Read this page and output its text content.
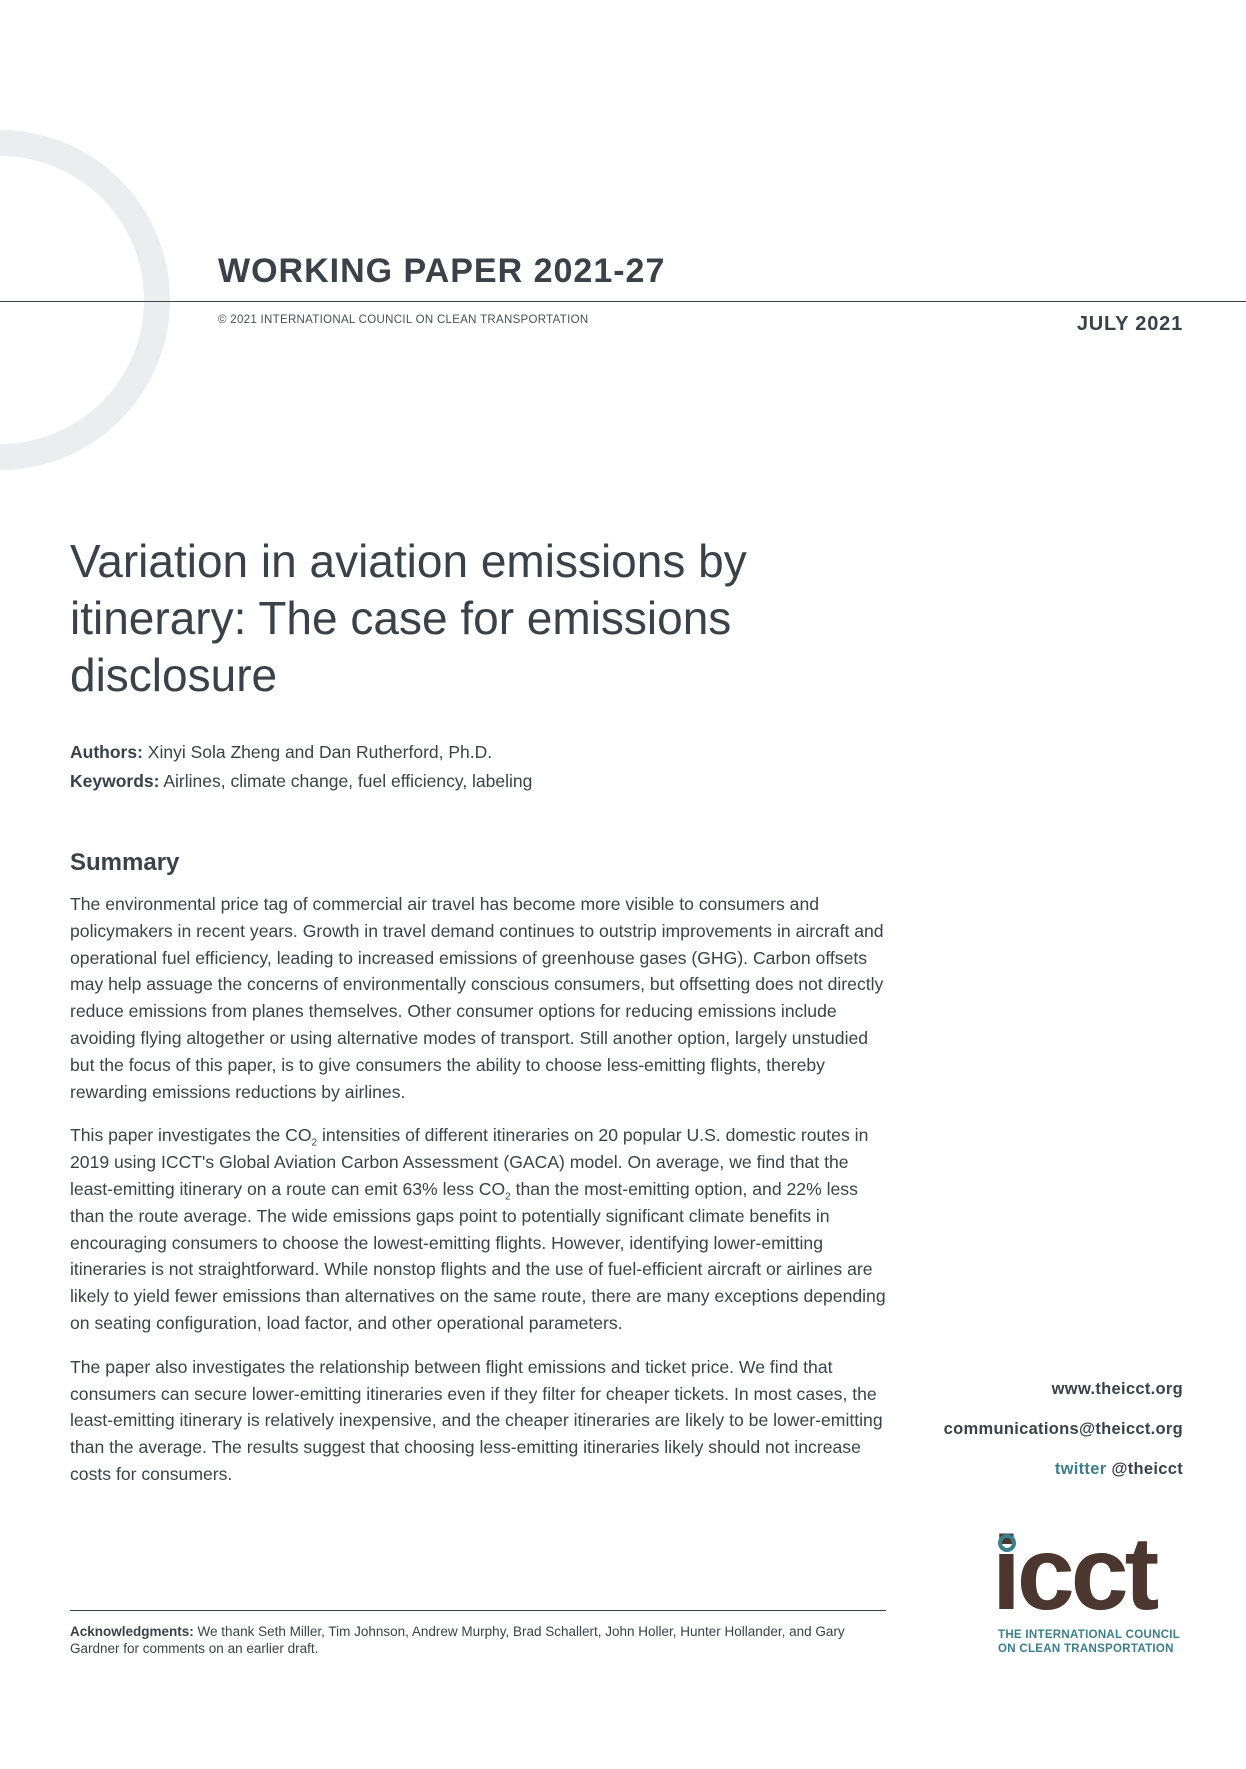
WORKING PAPER 2021-27
© 2021 INTERNATIONAL COUNCIL ON CLEAN TRANSPORTATION	JULY 2021
Variation in aviation emissions by itinerary: The case for emissions disclosure
Authors: Xinyi Sola Zheng and Dan Rutherford, Ph.D.
Keywords: Airlines, climate change, fuel efficiency, labeling
Summary

The environmental price tag of commercial air travel has become more visible to consumers and policymakers in recent years. Growth in travel demand continues to outstrip improvements in aircraft and operational fuel efficiency, leading to increased emissions of greenhouse gases (GHG). Carbon offsets may help assuage the concerns of environmentally conscious consumers, but offsetting does not directly reduce emissions from planes themselves. Other consumer options for reducing emissions include avoiding flying altogether or using alternative modes of transport. Still another option, largely unstudied but the focus of this paper, is to give consumers the ability to choose less-emitting flights, thereby rewarding emissions reductions by airlines.

This paper investigates the $CO_2$ intensities of different itineraries on 20 popular U.S. domestic routes in 2019 using ICCT's Global Aviation Carbon Assessment (GACA) model. On average, we find that the least-emitting itinerary on a route can emit 63% less $CO_2$ than the most-emitting option, and 22% less than the route average. The wide emissions gaps point to potentially significant climate benefits in encouraging consumers to choose the lowest-emitting flights. However, identifying lower-emitting itineraries is not straightforward. While nonstop flights and the use of fuel-efficient aircraft or airlines are likely to yield fewer emissions than alternatives on the same route, there are many exceptions depending on seating configuration, load factor, and other operational parameters.

The paper also investigates the relationship between flight emissions and ticket price. We find that consumers can secure lower-emitting itineraries even if they filter for cheaper tickets. In most cases, the least-emitting itinerary is relatively inexpensive, and the cheaper itineraries are likely to be lower-emitting than the average. The results suggest that choosing less-emitting itineraries likely should not increase costs for consumers.

Acknowledgments: We thank Seth Miller, Tim Johnson, Andrew Murphy, Brad Schallert, John Holler, Hunter Hollander, and Gary Gardner for comments on an earlier draft.
www.theicct.org
communications@theicct.org
twitter @theicct
icct
THE INTERNATIONAL COUNCIL
ON CLEAN TRANSPORTATION
